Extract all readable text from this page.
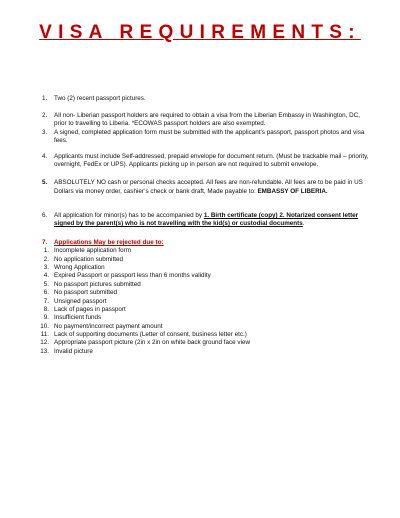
VISA REQUIREMENTS:
1. Two (2) recent passport pictures.
2. All non- Liberian passport holders are required to obtain a visa from the Liberian Embassy in Washington, DC, prior to travelling to Liberia. *ECOWAS passport holders are also exempted.
3. A signed, completed application form must be submitted with the applicant’s passport, passport photos and visa fees.
4. Applicants must include Self-addressed, prepaid envelope for document return. (Must be trackable mail – priority, overnight, FedEx or UPS). Applicants picking up in person are not required to submit envelope.
5. ABSOLUTELY NO cash or personal checks accepted. All fees are non-refundable. All fees are to be paid in US Dollars via money order, cashier’s check or bank draft, Made payable to: EMBASSY OF LIBERIA.
6. All application for minor(s) has to be accompanied by 1. Birth certificate (copy) 2. Notarized consent letter signed by the parent(s) who is not travelling with the kid(s) or custodial documents.
7. Applications May be rejected due to:
1. Incomplete application form
2. No application submitted
3. Wrong Application
4. Expired Passport or passport less than 6 months validity
5. No passport pictures submitted
6. No passport submitted
7. Unsigned passport
8. Lack of pages in passport
9. Insufficient funds
10. No payment/incorrect payment amount
11. Lack of supporting documents (Letter of consent, business letter etc.)
12. Appropriate passport picture (2in x 2in on white back ground face view
13. Invalid picture
